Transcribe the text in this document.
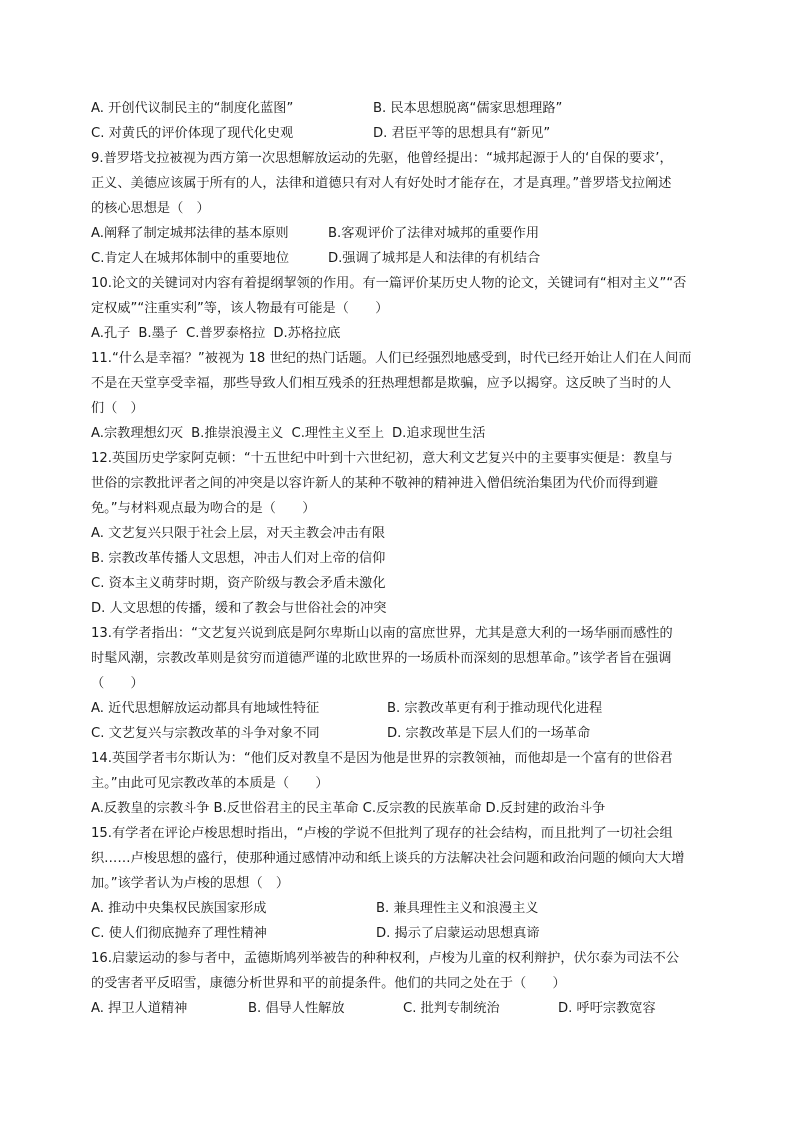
A. 开创代议制民主的“制度化蓝图”	B. 民本思想脱离“儒家思想理路”
C. 对黄氏的评价体现了现代化史观	D. 君臣平等的思想具有“新见”
9.普罗塔戈拉被视为西方第一次思想解放运动的先驱，他曾经提出：“城邦起源于人的‘自保的要求’，
正义、美德应该属于所有的人，法律和道德只有对人有好处时才能存在，才是真理。”普罗塔戈拉阐述
的核心思想是（　）
A.阐释了制定城邦法律的基本原则	B.客观评价了法律对城邦的重要作用
C.肯定人在城邦体制中的重要地位	D.强调了城邦是人和法律的有机结合
10.论文的关键词对内容有着提纲挈领的作用。有一篇评价某历史人物的论文，关键词有“相对主义”“否
定权威”“注重实利”等，该人物最有可能是（　　）
A.孔子 B.墨子 C.普罗泰格拉 D.苏格拉底
11.“什么是幸福？”被视为 18 世纪的热门话题。人们已经强烈地感受到，时代已经开始让人们在人间而
不是在天堂享受幸福，那些导致人们相互残杀的狂热理想都是欺骗，应予以揭穿。这反映了当时的人
们（　）
A.宗教理想幻灭 B.推崇浪漫主义 C.理性主义至上 D.追求现世生活
12.英国历史学家阿克顿：“十五世纪中叶到十六世纪初，意大利文艺复兴中的主要事实便是：教皇与
世俗的宗教批评者之间的冲突是以容许新人的某种不敬神的精神进入僧侣统治集团为代价而得到避
免。”与材料观点最为吻合的是（　　）
A. 文艺复兴只限于社会上层，对天主教会冲击有限
B. 宗教改革传播人文思想，冲击人们对上帝的信仰
C. 资本主义萌芽时期，资产阶级与教会矛盾未激化
D. 人文思想的传播，缓和了教会与世俗社会的冲突
13.有学者指出：“文艺复兴说到底是阿尔卑斯山以南的富庶世界，尤其是意大利的一场华丽而感性的
时髦风潮，宗教改革则是贫穷而道德严谨的北欧世界的一场质朴而深刻的思想革命。”该学者旨在强调
（　　）
A. 近代思想解放运动都具有地域性特征	B. 宗教改革更有利于推动现代化进程
C. 文艺复兴与宗教改革的斗争对象不同	D. 宗教改革是下层人们的一场革命
14.英国学者韦尔斯认为：“他们反对教皇不是因为他是世界的宗教领袖，而他却是一个富有的世俗君
主。”由此可见宗教改革的本质是（　　）
A.反教皇的宗教斗争 B.反世俗君主的民主革命 C.反宗教的民族革命 D.反封建的政治斗争
15.有学者在评论卢梭思想时指出，“卢梭的学说不但批判了现存的社会结构，而且批判了一切社会组
织……卢梭思想的盛行，使那种通过感情冲动和纸上谈兵的方法解决社会问题和政治问题的倾向大大增
加。”该学者认为卢梭的思想（　）
A. 推动中央集权民族国家形成	B. 兼具理性主义和浪漫主义
C. 使人们彻底抛弃了理性精神	D. 揭示了启蒙运动思想真谛
16.启蒙运动的参与者中，孟德斯鸠列举被告的种种权利，卢梭为儿童的权利辩护，伏尔泰为司法不公
的受害者平反昭雪，康德分析世界和平的前提条件。他们的共同之处在于（　　）
A. 捍卫人道精神	B. 倡导人性解放	C. 批判专制统治	D. 呼吁宗教宽容
